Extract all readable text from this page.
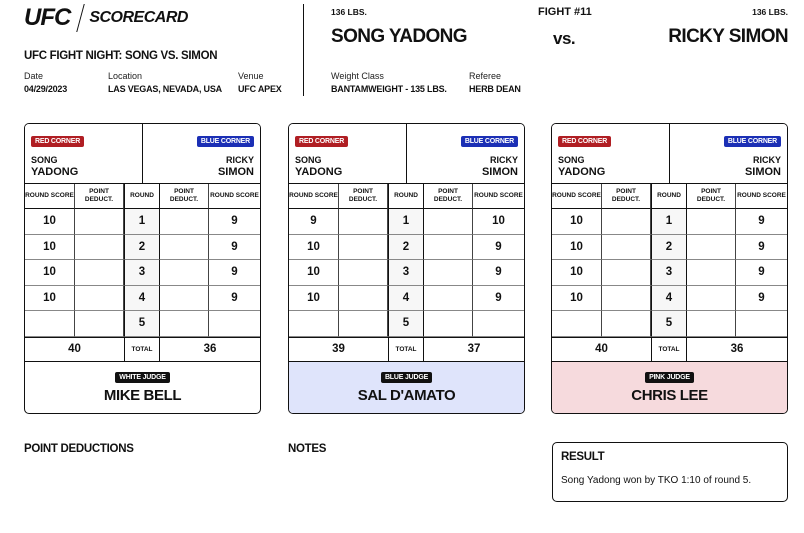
UFC SCORECARD
UFC FIGHT NIGHT: SONG VS. SIMON
Date
04/29/2023
Location
LAS VEGAS, NEVADA, USA
Venue
UFC APEX
136 LBS.	FIGHT #11	136 LBS.
SONG YADONG	vs.	RICKY SIMON
Weight Class
BANTAMWEIGHT - 135 LBS.
Referee
HERB DEAN
RED CORNER
SONG
YADONG
BLUE CORNER
RICKY
SIMON
ROUND SCORE
POINT DEDUCT.
ROUND
POINT DEDUCT.
ROUND SCORE
10	1	9
10	2	9
10	3	9
10	4	9
5
40	TOTAL	36
WHITE JUDGE
MIKE BELL
RED CORNER
SONG
YADONG
BLUE CORNER
RICKY
SIMON
ROUND SCORE
POINT DEDUCT.
ROUND
POINT DEDUCT.
ROUND SCORE
9	1	10
10	2	9
10	3	9
10	4	9
5
39	TOTAL	37
BLUE JUDGE
SAL D'AMATO
RED CORNER
SONG
YADONG
BLUE CORNER
RICKY
SIMON
ROUND SCORE
POINT DEDUCT.
ROUND
POINT DEDUCT.
ROUND SCORE
10	1	9
10	2	9
10	3	9
10	4	9
5
40	TOTAL	36
PINK JUDGE
CHRIS LEE
POINT DEDUCTIONS	NOTES
RESULT
Song Yadong won by TKO 1:10 of round 5.
